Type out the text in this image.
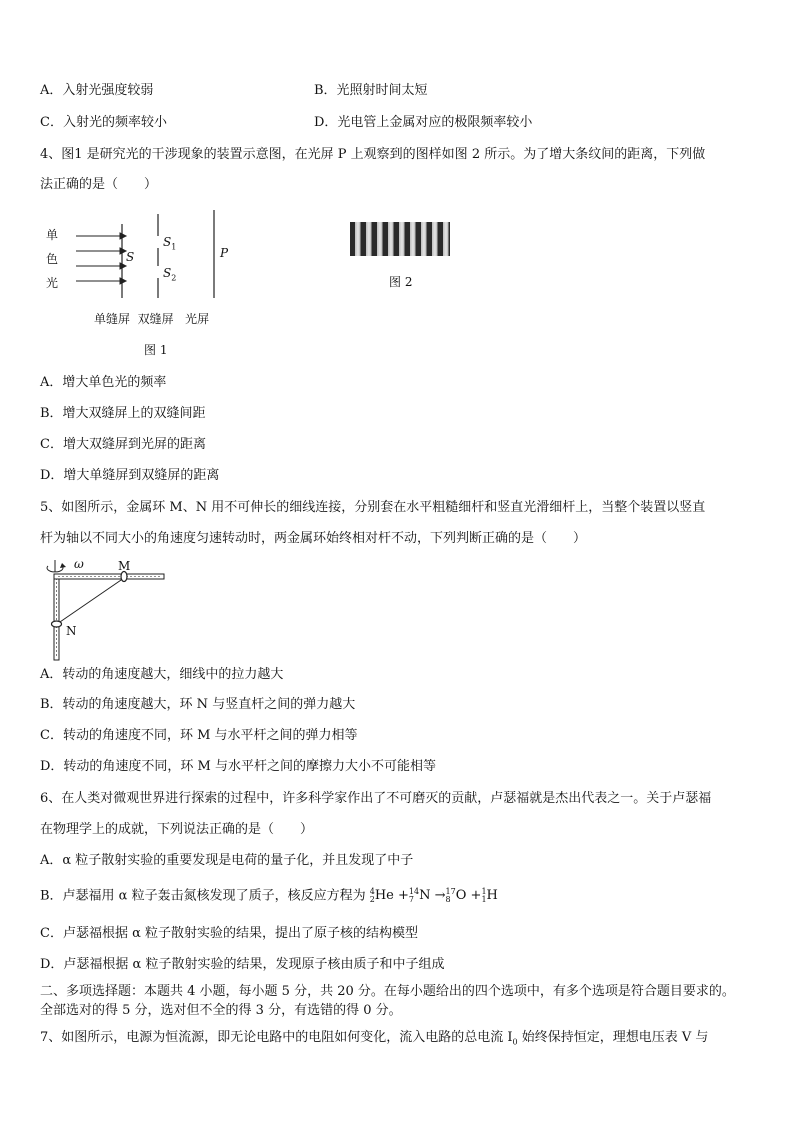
A．入射光强度较弱	B．光照射时间太短
C．入射光的频率较小	D．光电管上金属对应的极限频率较小
4、图1 是研究光的干涉现象的装置示意图，在光屏 P 上观察到的图样如图 2 所示。为了增大条纹间的距离，下列做
法正确的是（　　）
单
色
光
S
$S_1$
$S_2$
P
单缝屏  双缝屏   光屏
图 1
图 2
A．增大单色光的频率
B．增大双缝屏上的双缝间距
C．增大双缝屏到光屏的距离
D．增大单缝屏到双缝屏的距离
5、如图所示，金属环 M、N 用不可伸长的细线连接，分别套在水平粗糙细杆和竖直光滑细杆上，当整个装置以竖直
杆为轴以不同大小的角速度匀速转动时，两金属环始终相对杆不动，下列判断正确的是（　　）
ω	M
N
A．转动的角速度越大，细线中的拉力越大
B．转动的角速度越大，环 N 与竖直杆之间的弹力越大
C．转动的角速度不同，环 M 与水平杆之间的弹力相等
D．转动的角速度不同，环 M 与水平杆之间的摩擦力大小不可能相等
6、在人类对微观世界进行探索的过程中，许多科学家作出了不可磨灭的贡献，卢瑟福就是杰出代表之一。关于卢瑟福
在物理学上的成就，下列说法正确的是（　　）
A．α 粒子散射实验的重要发现是电荷的量子化，并且发现了中子
B．卢瑟福用 α 粒子轰击氮核发现了质子，核反应方程为 4
2 He + 14
7 N → 17
8 O + 1
1 H
C．卢瑟福根据 α 粒子散射实验的结果，提出了原子核的结构模型
D．卢瑟福根据 α 粒子散射实验的结果，发现原子核由质子和中子组成
二、多项选择题：本题共 4 小题，每小题 5 分，共 20 分。在每小题给出的四个选项中，有多个选项是符合题目要求的。
全部选对的得 5 分，选对但不全的得 3 分，有选错的得 0 分。
7、如图所示，电源为恒流源，即无论电路中的电阻如何变化，流入电路的总电流 $I_0$ 始终保持恒定，理想电压表 V 与
